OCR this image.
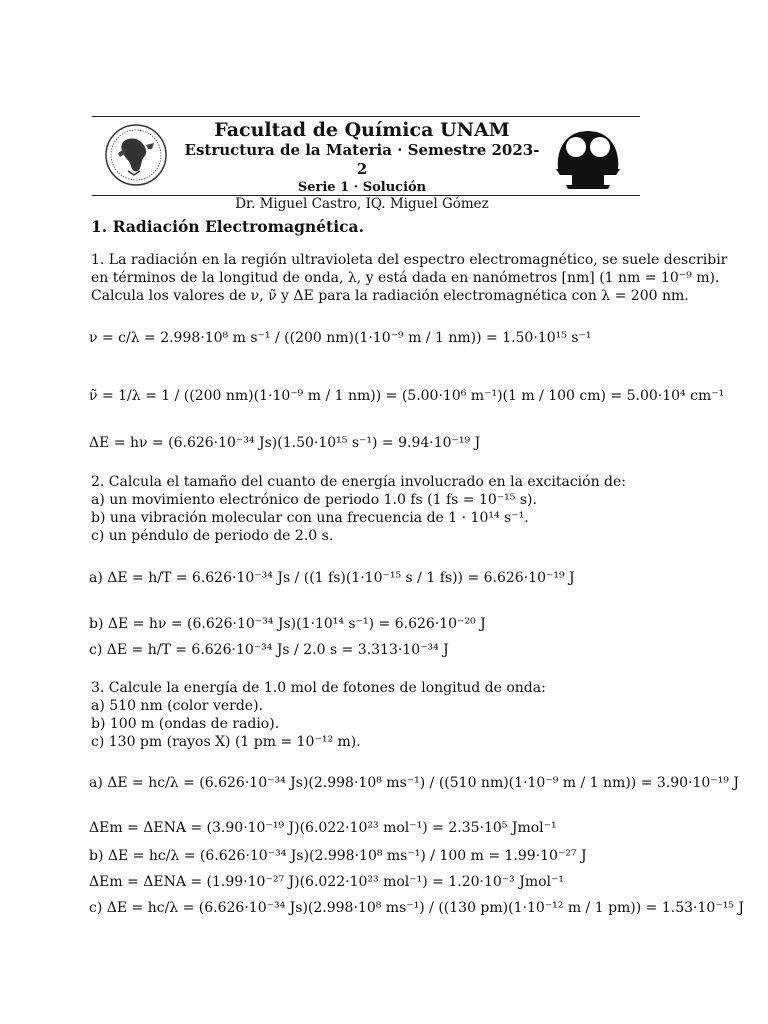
Facultad de Química UNAM
Estructura de la Materia · Semestre 2023-2
Serie 1 · Solución
Dr. Miguel Castro, IQ. Miguel Gómez
1. Radiación Electromagnética.
1. La radiación en la región ultravioleta del espectro electromagnético, se suele describir
en términos de la longitud de onda, λ, y está dada en nanómetros [nm] (1 nm = 10⁻⁹ m).
Calcula los valores de ν, ν̃ y ΔE para la radiación electromagnética con λ = 200 nm.
ν = c/λ = 2.998·10⁸ m s⁻¹ / ((200 nm)(1·10⁻⁹ m / 1 nm)) = 1.50·10¹⁵ s⁻¹
ν̃ = 1/λ = 1 / ((200 nm)(1·10⁻⁹ m / 1 nm)) = (5.00·10⁶ m⁻¹)(1 m / 100 cm) = 5.00·10⁴ cm⁻¹
ΔE = hν = (6.626·10⁻³⁴ Js)(1.50·10¹⁵ s⁻¹) = 9.94·10⁻¹⁹ J
2. Calcula el tamaño del cuanto de energía involucrado en la excitación de:
a) un movimiento electrónico de periodo 1.0 fs (1 fs = 10⁻¹⁵ s).
b) una vibración molecular con una frecuencia de 1 · 10¹⁴ s⁻¹.
c) un péndulo de periodo de 2.0 s.
a) ΔE = h/T = 6.626·10⁻³⁴ Js / ((1 fs)(1·10⁻¹⁵ s / 1 fs)) = 6.626·10⁻¹⁹ J
b) ΔE = hν = (6.626·10⁻³⁴ Js)(1·10¹⁴ s⁻¹) = 6.626·10⁻²⁰ J
c) ΔE = h/T = 6.626·10⁻³⁴ Js / 2.0 s = 3.313·10⁻³⁴ J
3. Calcule la energía de 1.0 mol de fotones de longitud de onda:
a) 510 nm (color verde).
b) 100 m (ondas de radio).
c) 130 pm (rayos X) (1 pm = 10⁻¹² m).
a) ΔE = hc/λ = (6.626·10⁻³⁴ Js)(2.998·10⁸ ms⁻¹) / ((510 nm)(1·10⁻⁹ m / 1 nm)) = 3.90·10⁻¹⁹ J
ΔEm = ΔENA = (3.90·10⁻¹⁹ J)(6.022·10²³ mol⁻¹) = 2.35·10⁵ Jmol⁻¹
b) ΔE = hc/λ = (6.626·10⁻³⁴ Js)(2.998·10⁸ ms⁻¹) / 100 m = 1.99·10⁻²⁷ J
ΔEm = ΔENA = (1.99·10⁻²⁷ J)(6.022·10²³ mol⁻¹) = 1.20·10⁻³ Jmol⁻¹
c) ΔE = hc/λ = (6.626·10⁻³⁴ Js)(2.998·10⁸ ms⁻¹) / ((130 pm)(1·10⁻¹² m / 1 pm)) = 1.53·10⁻¹⁵ J
